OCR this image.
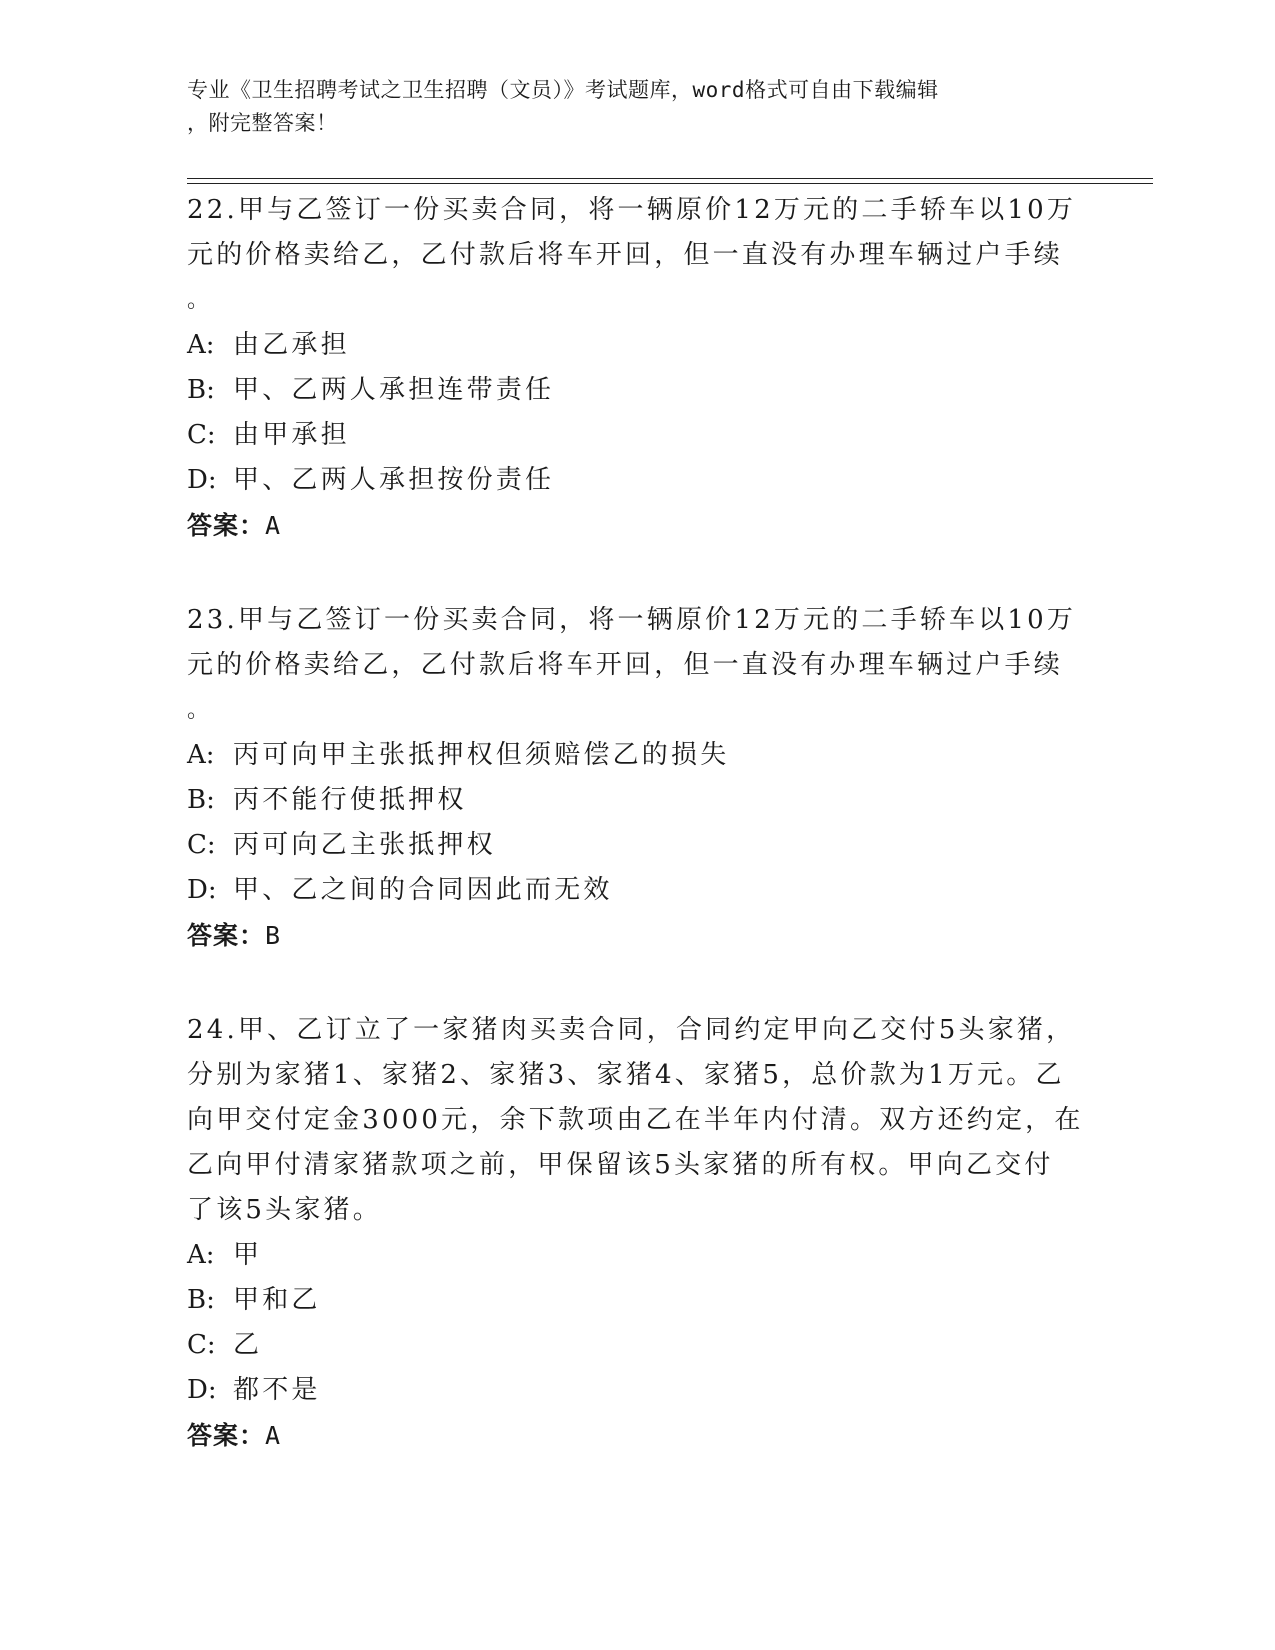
专业《卫生招聘考试之卫生招聘（文员）》考试题库，word格式可自由下载编辑
，附完整答案！
22.甲与乙签订一份买卖合同，将一辆原价12万元的二手轿车以10万
元的价格卖给乙，乙付款后将车开回，但一直没有办理车辆过户手续
。
A: 由乙承担
B: 甲、乙两人承担连带责任
C: 由甲承担
D: 甲、乙两人承担按份责任
答案：A
23.甲与乙签订一份买卖合同，将一辆原价12万元的二手轿车以10万
元的价格卖给乙，乙付款后将车开回，但一直没有办理车辆过户手续
。
A: 丙可向甲主张抵押权但须赔偿乙的损失
B: 丙不能行使抵押权
C: 丙可向乙主张抵押权
D: 甲、乙之间的合同因此而无效
答案：B
24.甲、乙订立了一家猪肉买卖合同，合同约定甲向乙交付5头家猪，
分别为家猪1、家猪2、家猪3、家猪4、家猪5，总价款为1万元。乙
向甲交付定金3000元，余下款项由乙在半年内付清。双方还约定，在
乙向甲付清家猪款项之前，甲保留该5头家猪的所有权。甲向乙交付
了该5头家猪。
A: 甲
B: 甲和乙
C: 乙
D: 都不是
答案：A
